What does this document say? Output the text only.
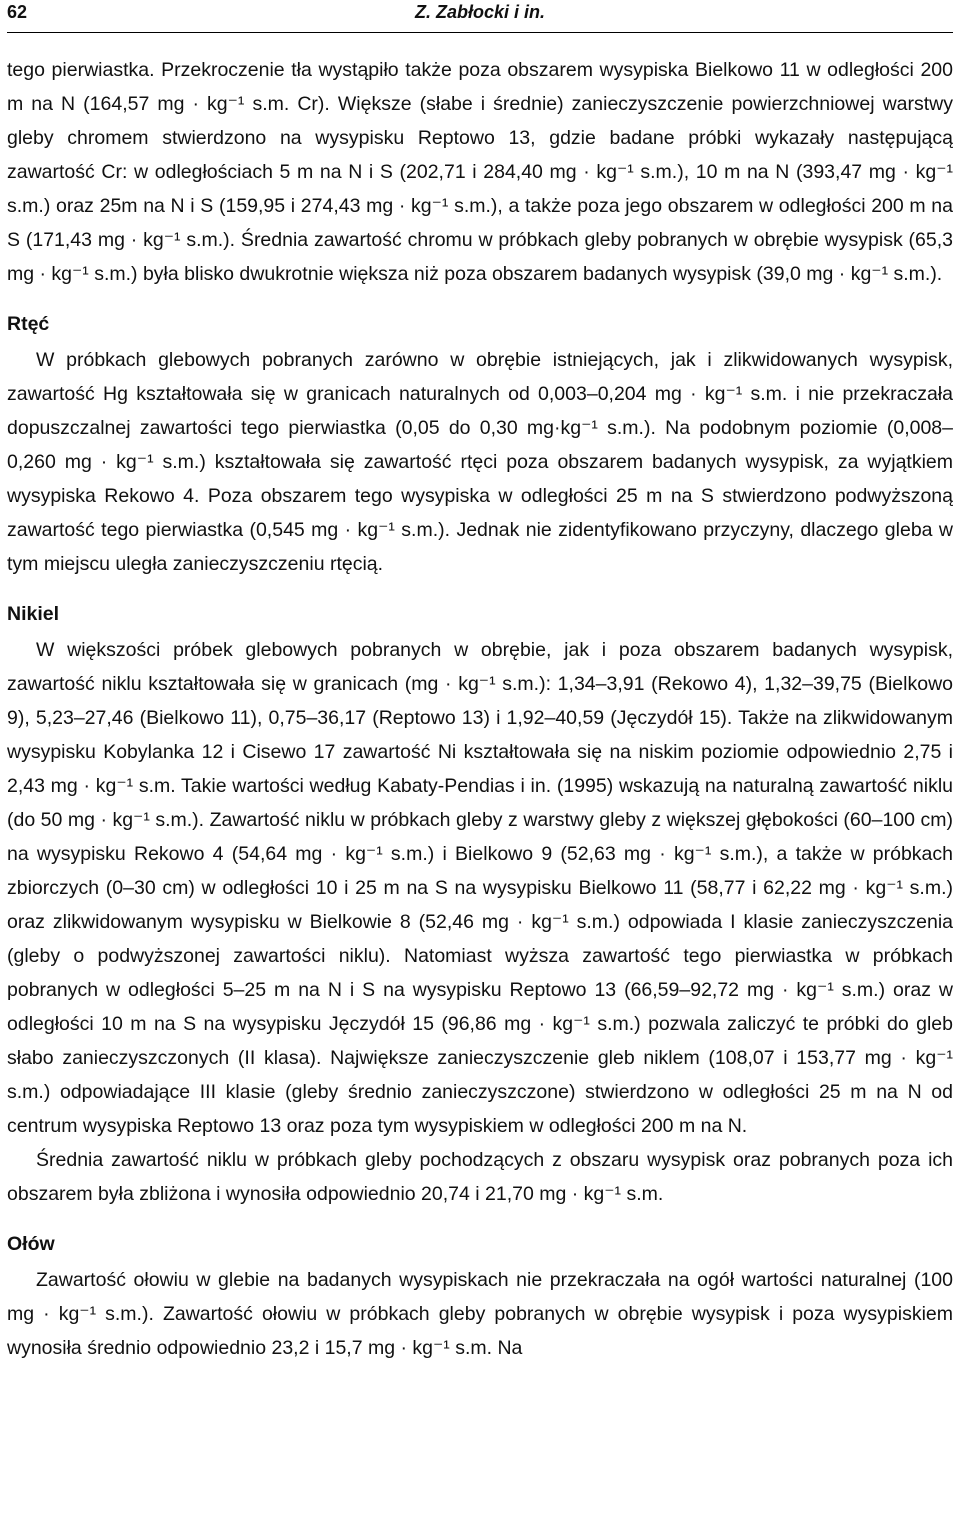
62	Z. Zabłocki i in.

tego pierwiastka. Przekroczenie tła wystąpiło także poza obszarem wysypiska Bielkowo 11 w odległości 200 m na N (164,57 mg · kg⁻¹ s.m. Cr). Większe (słabe i średnie) zanieczyszczenie powierzchniowej warstwy gleby chromem stwierdzono na wysypisku Reptowo 13, gdzie badane próbki wykazały następującą zawartość Cr: w odległościach 5 m na N i S (202,71 i 284,40 mg · kg⁻¹ s.m.), 10 m na N (393,47 mg · kg⁻¹ s.m.) oraz 25m na N i S (159,95 i 274,43 mg · kg⁻¹ s.m.), a także poza jego obszarem w odległości 200 m na S (171,43 mg · kg⁻¹ s.m.). Średnia zawartość chromu w próbkach gleby pobranych w obrębie wysypisk (65,3 mg · kg⁻¹ s.m.) była blisko dwukrotnie większa niż poza obszarem badanych wysypisk (39,0 mg · kg⁻¹ s.m.).

Rtęć

W próbkach glebowych pobranych zarówno w obrębie istniejących, jak i zlikwidowanych wysypisk, zawartość Hg kształtowała się w granicach naturalnych od 0,003–0,204 mg · kg⁻¹ s.m. i nie przekraczała dopuszczalnej zawartości tego pierwiastka (0,05 do 0,30 mg·kg⁻¹ s.m.). Na podobnym poziomie (0,008–0,260 mg · kg⁻¹ s.m.) kształtowała się zawartość rtęci poza obszarem badanych wysypisk, za wyjątkiem wysypiska Rekowo 4. Poza obszarem tego wysypiska w odległości 25 m na S stwierdzono podwyższoną zawartość tego pierwiastka (0,545 mg · kg⁻¹ s.m.). Jednak nie zidentyfikowano przyczyny, dlaczego gleba w tym miejscu uległa zanieczyszczeniu rtęcią.

Nikiel

W większości próbek glebowych pobranych w obrębie, jak i poza obszarem badanych wysypisk, zawartość niklu kształtowała się w granicach (mg · kg⁻¹ s.m.): 1,34–3,91 (Rekowo 4), 1,32–39,75 (Bielkowo 9), 5,23–27,46 (Bielkowo 11), 0,75–36,17 (Reptowo 13) i 1,92–40,59 (Jęczydół 15). Także na zlikwidowanym wysypisku Kobylanka 12 i Cisewo 17 zawartość Ni kształtowała się na niskim poziomie odpowiednio 2,75 i 2,43 mg · kg⁻¹ s.m. Takie wartości według Kabaty-Pendias i in. (1995) wskazują na naturalną zawartość niklu (do 50 mg · kg⁻¹ s.m.). Zawartość niklu w próbkach gleby z warstwy gleby z większej głębokości (60–100 cm) na wysypisku Rekowo 4 (54,64 mg · kg⁻¹ s.m.) i Bielkowo 9 (52,63 mg · kg⁻¹ s.m.), a także w próbkach zbiorczych (0–30 cm) w odległości 10 i 25 m na S na wysypisku Bielkowo 11 (58,77 i 62,22 mg · kg⁻¹ s.m.) oraz zlikwidowanym wysypisku w Bielkowie 8 (52,46 mg · kg⁻¹ s.m.) odpowiada I klasie zanieczyszczenia (gleby o podwyższonej zawartości niklu). Natomiast wyższa zawartość tego pierwiastka w próbkach pobranych w odległości 5–25 m na N i S na wysypisku Reptowo 13 (66,59–92,72 mg · kg⁻¹ s.m.) oraz w odległości 10 m na S na wysypisku Jęczydół 15 (96,86 mg · kg⁻¹ s.m.) pozwala zaliczyć te próbki do gleb słabo zanieczyszczonych (II klasa). Największe zanieczyszczenie gleb niklem (108,07 i 153,77 mg · kg⁻¹ s.m.) odpowiadające III klasie (gleby średnio zanieczyszczone) stwierdzono w odległości 25 m na N od centrum wysypiska Reptowo 13 oraz poza tym wysypiskiem w odległości 200 m na N.

Średnia zawartość niklu w próbkach gleby pochodzących z obszaru wysypisk oraz pobranych poza ich obszarem była zbliżona i wynosiła odpowiednio 20,74 i 21,70 mg · kg⁻¹ s.m.

Ołów

Zawartość ołowiu w glebie na badanych wysypiskach nie przekraczała na ogół wartości naturalnej (100 mg · kg⁻¹ s.m.). Zawartość ołowiu w próbkach gleby pobranych w obrębie wysypisk i poza wysypiskiem wynosiła średnio odpowiednio 23,2 i 15,7 mg · kg⁻¹ s.m. Na
